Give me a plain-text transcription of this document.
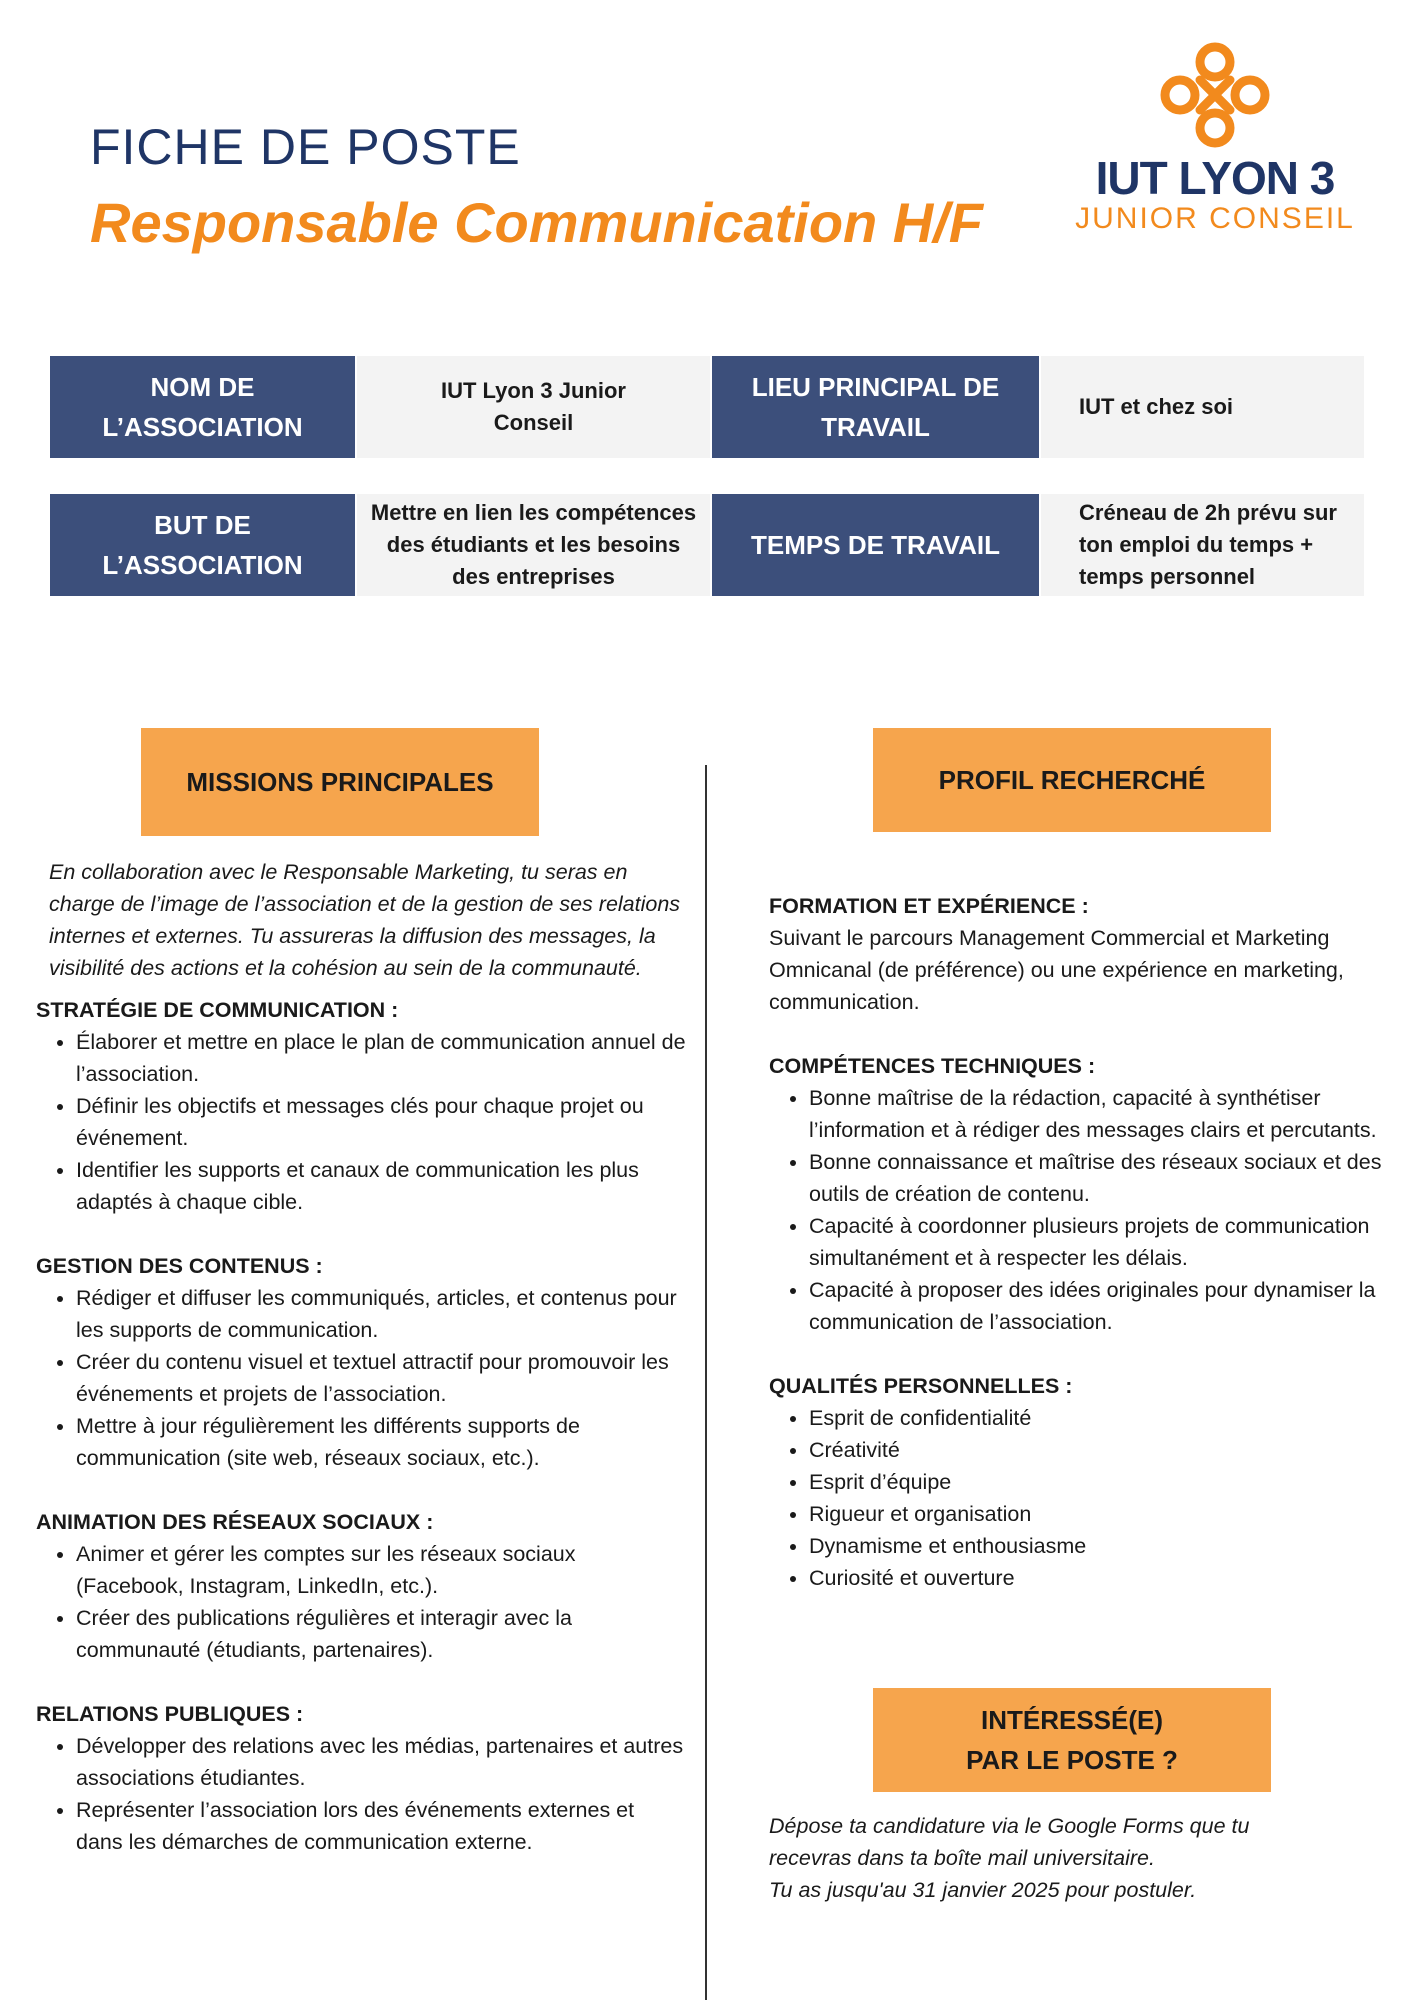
FICHE DE POSTE
Responsable Communication H/F
IUT LYON 3
JUNIOR CONSEIL
NOM DE L’ASSOCIATION
IUT Lyon 3 Junior Conseil
LIEU PRINCIPAL DE TRAVAIL
IUT et chez soi
BUT DE L’ASSOCIATION
Mettre en lien les compétences des étudiants et les besoins des entreprises
TEMPS DE TRAVAIL
Créneau de 2h prévu sur ton emploi du temps + temps personnel
MISSIONS PRINCIPALES	PROFIL RECHERCHÉ

En collaboration avec le Responsable Marketing, tu seras en charge de l’image de l’association et de la gestion de ses relations internes et externes. Tu assureras la diffusion des messages, la visibilité des actions et la cohésion au sein de la communauté.

STRATÉGIE DE COMMUNICATION :

• Élaborer et mettre en place le plan de communication annuel de l’association.
• Définir les objectifs et messages clés pour chaque projet ou événement.
• Identifier les supports et canaux de communication les plus adaptés à chaque cible.

GESTION DES CONTENUS :

• Rédiger et diffuser les communiqués, articles, et contenus pour les supports de communication.
• Créer du contenu visuel et textuel attractif pour promouvoir les événements et projets de l’association.
• Mettre à jour régulièrement les différents supports de communication (site web, réseaux sociaux, etc.).

ANIMATION DES RÉSEAUX SOCIAUX :

• Animer et gérer les comptes sur les réseaux sociaux (Facebook, Instagram, LinkedIn, etc.).
• Créer des publications régulières et interagir avec la communauté (étudiants, partenaires).

RELATIONS PUBLIQUES :

• Développer des relations avec les médias, partenaires et autres associations étudiantes.
• Représenter l’association lors des événements externes et dans les démarches de communication externe.

FORMATION ET EXPÉRIENCE :

Suivant le parcours Management Commercial et Marketing Omnicanal (de préférence) ou une expérience en marketing, communication.

COMPÉTENCES TECHNIQUES :

• Bonne maîtrise de la rédaction, capacité à synthétiser l’information et à rédiger des messages clairs et percutants.
• Bonne connaissance et maîtrise des réseaux sociaux et des outils de création de contenu.
• Capacité à coordonner plusieurs projets de communication simultanément et à respecter les délais.
• Capacité à proposer des idées originales pour dynamiser la communication de l’association.

QUALITÉS PERSONNELLES :

• Esprit de confidentialité
• Créativité
• Esprit d’équipe
• Rigueur et organisation
• Dynamisme et enthousiasme
• Curiosité et ouverture
INTÉRESSÉ(E)
PAR LE POSTE ?

Dépose ta candidature via le Google Forms que tu

recevras dans ta boîte mail universitaire.

Tu as jusqu'au 31 janvier 2025 pour postuler.
